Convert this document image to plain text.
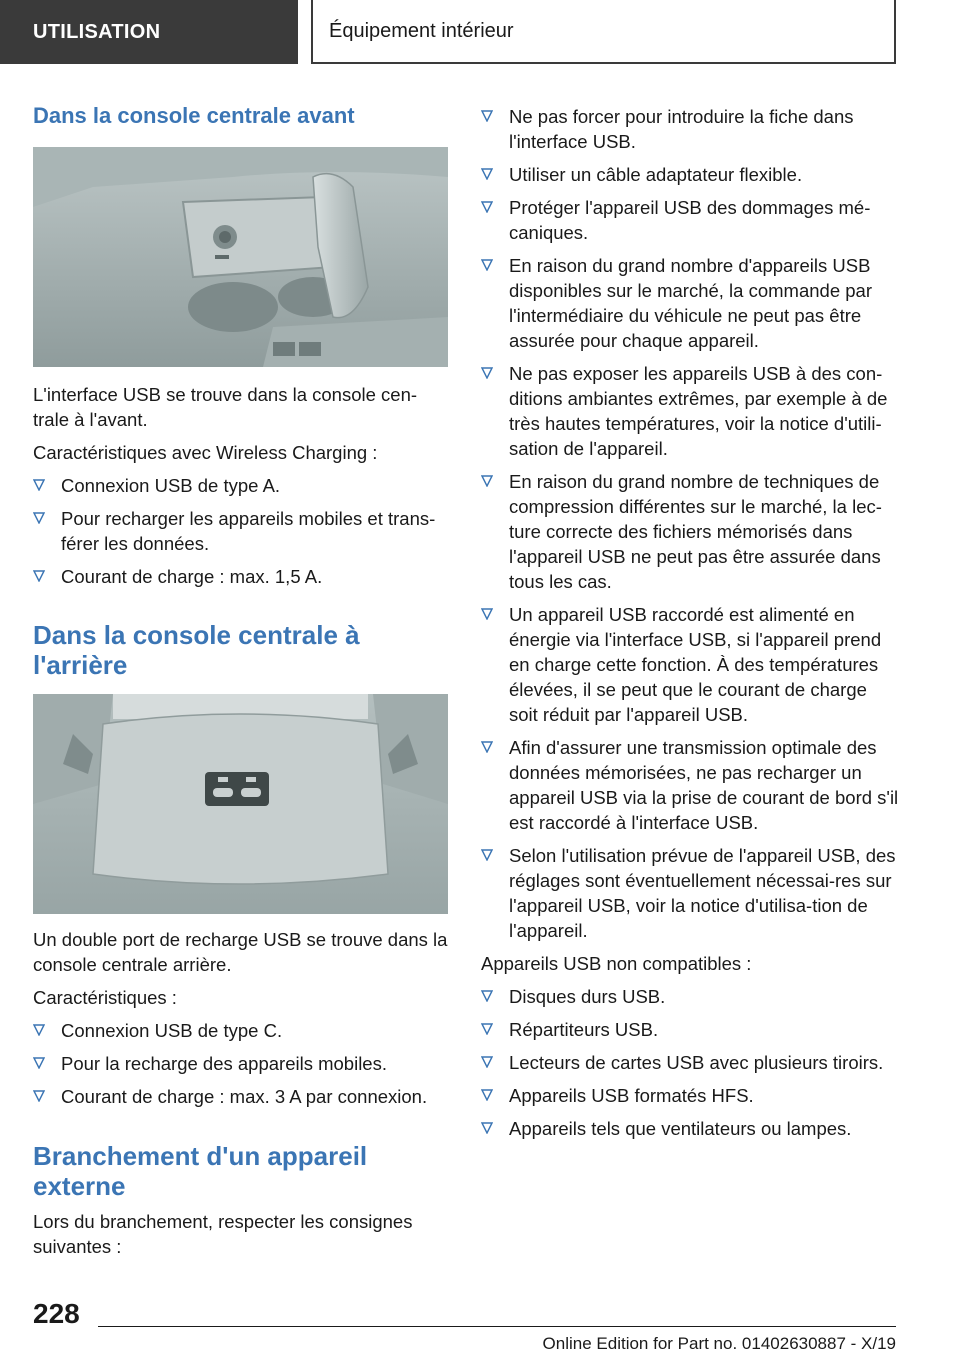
UTILISATION	Équipement intérieur
Dans la console centrale avant

L'interface USB se trouve dans la console cen-trale à l'avant.

Caractéristiques avec Wireless Charging :

Connexion USB de type A.
Pour recharger les appareils mobiles et trans-férer les données.
Courant de charge : max. 1,5 A.
Dans la console centrale à
l'arrière

Un double port de recharge USB se trouve dans la console centrale arrière.

Caractéristiques :

Connexion USB de type C.
Pour la recharge des appareils mobiles.
Courant de charge : max. 3 A par connexion.
Branchement d'un appareil
externe

Lors du branchement, respecter les consignes suivantes :

Ne pas forcer pour introduire la fiche dans l'interface USB.
Utiliser un câble adaptateur flexible.
Protéger l'appareil USB des dommages mé-caniques.
En raison du grand nombre d'appareils USB disponibles sur le marché, la commande par l'intermédiaire du véhicule ne peut pas être assurée pour chaque appareil.
Ne pas exposer les appareils USB à des con-ditions ambiantes extrêmes, par exemple à de très hautes températures, voir la notice d'utili-sation de l'appareil.
En raison du grand nombre de techniques de compression différentes sur le marché, la lec-ture correcte des fichiers mémorisés dans l'appareil USB ne peut pas être assurée dans tous les cas.
Un appareil USB raccordé est alimenté en énergie via l'interface USB, si l'appareil prend en charge cette fonction. À des températures élevées, il se peut que le courant de charge soit réduit par l'appareil USB.
Afin d'assurer une transmission optimale des données mémorisées, ne pas recharger un appareil USB via la prise de courant de bord s'il est raccordé à l'interface USB.
Selon l'utilisation prévue de l'appareil USB, des réglages sont éventuellement nécessai-res sur l'appareil USB, voir la notice d'utilisa-tion de l'appareil.

Appareils USB non compatibles :

Disques durs USB.
Répartiteurs USB.
Lecteurs de cartes USB avec plusieurs tiroirs.
Appareils USB formatés HFS.
Appareils tels que ventilateurs ou lampes.
228
Online Edition for Part no. 01402630887 - X/19
